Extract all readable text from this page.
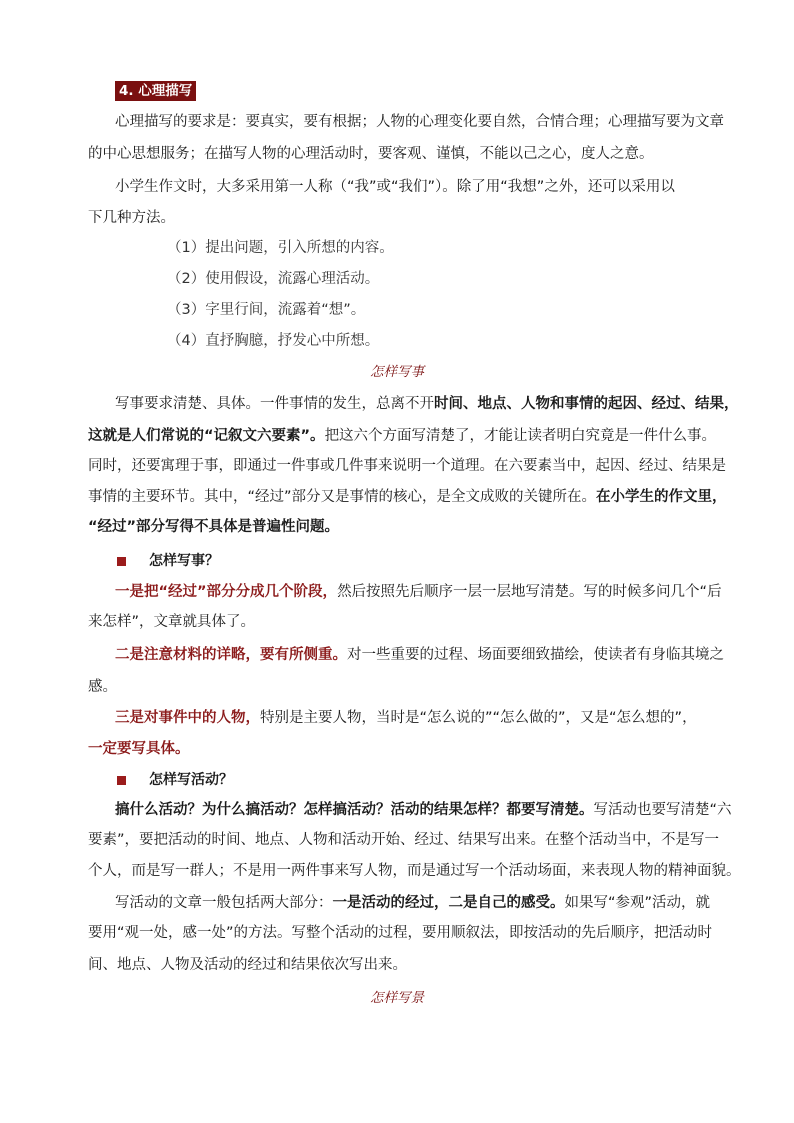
4. 心理描写
心理描写的要求是：要真实，要有根据；人物的心理变化要自然，合情合理；心理描写要为文章
的中心思想服务；在描写人物的心理活动时，要客观、谨慎，不能以己之心，度人之意。
小学生作文时，大多采用第一人称（“我”或“我们”）。除了用“我想”之外，还可以采用以
下几种方法。
（1）提出问题，引入所想的内容。
（2）使用假设，流露心理活动。
（3）字里行间，流露着“想”。
（4）直抒胸臆，抒发心中所想。
怎样写事
写事要求清楚、具体。一件事情的发生，总离不开时间、地点、人物和事情的起因、经过、结果，
这就是人们常说的“记叙文六要素”。把这六个方面写清楚了，才能让读者明白究竟是一件什么事。
同时，还要寓理于事，即通过一件事或几件事来说明一个道理。在六要素当中，起因、经过、结果是
事情的主要环节。其中，“经过”部分又是事情的核心，是全文成败的关键所在。在小学生的作文里，
“经过”部分写得不具体是普遍性问题。
怎样写事？
一是把“经过”部分分成几个阶段，然后按照先后顺序一层一层地写清楚。写的时候多问几个“后
来怎样”，文章就具体了。
二是注意材料的详略，要有所侧重。对一些重要的过程、场面要细致描绘，使读者有身临其境之
感。
三是对事件中的人物，特别是主要人物，当时是“怎么说的”“怎么做的”，又是“怎么想的”，
一定要写具体。
怎样写活动？
搞什么活动？为什么搞活动？怎样搞活动？活动的结果怎样？都要写清楚。写活动也要写清楚“六
要素”，要把活动的时间、地点、人物和活动开始、经过、结果写出来。在整个活动当中，不是写一
个人，而是写一群人；不是用一两件事来写人物，而是通过写一个活动场面，来表现人物的精神面貌。
写活动的文章一般包括两大部分：一是活动的经过，二是自己的感受。如果写“参观”活动，就
要用“观一处，感一处”的方法。写整个活动的过程，要用顺叙法，即按活动的先后顺序，把活动时
间、地点、人物及活动的经过和结果依次写出来。
怎样写景
